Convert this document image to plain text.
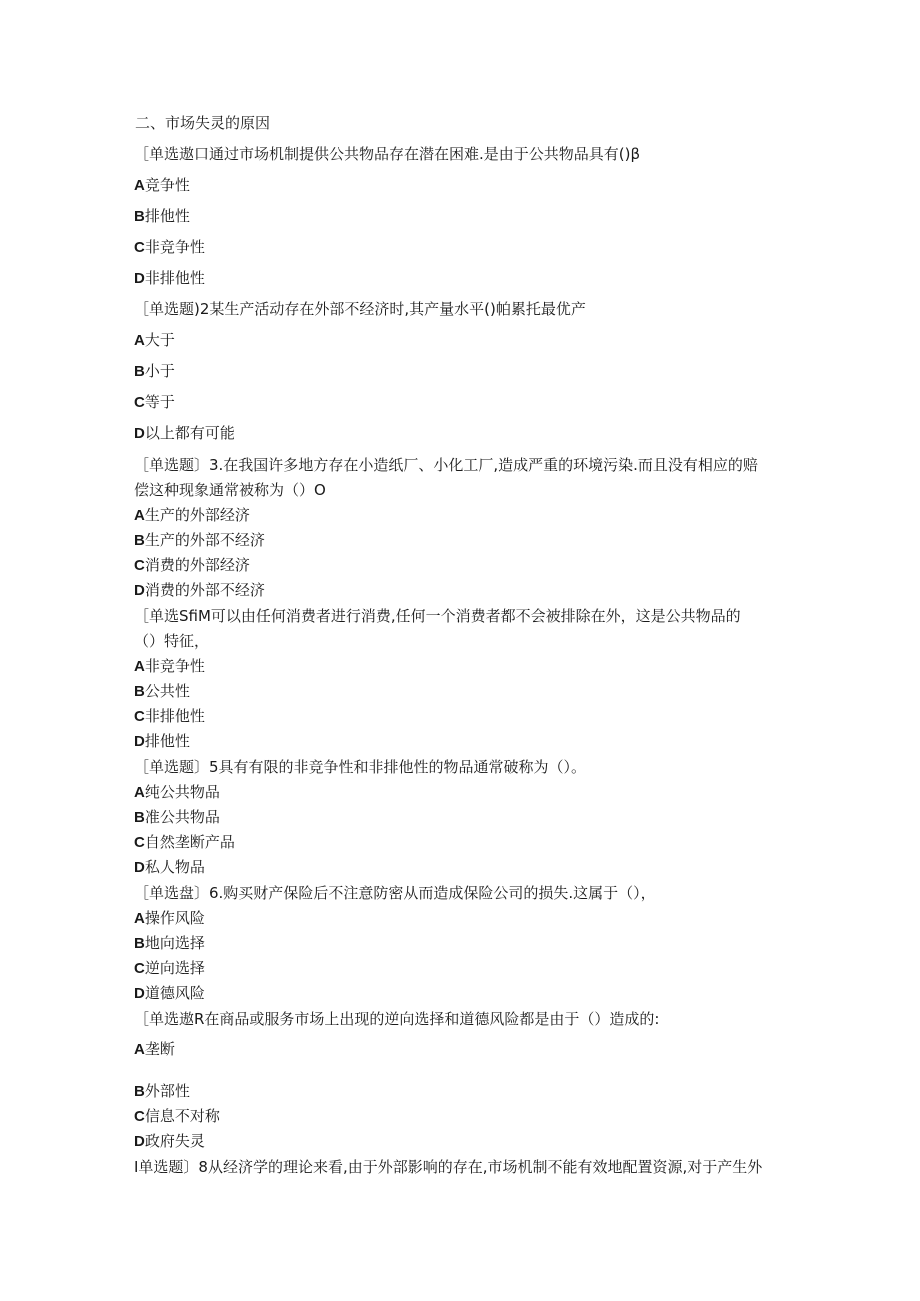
二、市场失灵的原因
［单选遨口通过市场机制提供公共物品存在潜在困难.是由于公共物品具有()β
A竞争性
B排他性
C非竞争性
D非排他性
［单选题)2某生产活动存在外部不经济时,其产量水平()帕累托最优产
A大于
B小于
C等于
D以上都有可能
［单选题〕3.在我国许多地方存在小造纸厂、小化工厂,造成严重的环境污染.而且没有相应的赔
偿这种现象通常被称为（）O
A生产的外部经济
B生产的外部不经济
C消费的外部经济
D消费的外部不经济
［单选SfiM可以由任何消费者进行消费,任何一个消费者都不会被排除在外，这是公共物品的
（）特征，
A非竞争性
B公共性
C非排他性
D排他性
［单选题〕5具有有限的非竞争性和非排他性的物品通常破称为（）。
A纯公共物品
B准公共物品
C自然垄断产品
D私人物品
［单选盘〕6.购买财产保险后不注意防密从而造成保险公司的损失.这属于（），
A操作风险
B地向选择
C逆向选择
D道德风险
［单选遨R在商品或服务市场上出现的逆向选择和道德风险都是由于（）造成的:
A垄断
B外部性
C信息不对称
D政府失灵
I单选题〕8从经济学的理论来看,由于外部影响的存在,市场机制不能有效地配置资源,对于产生外
